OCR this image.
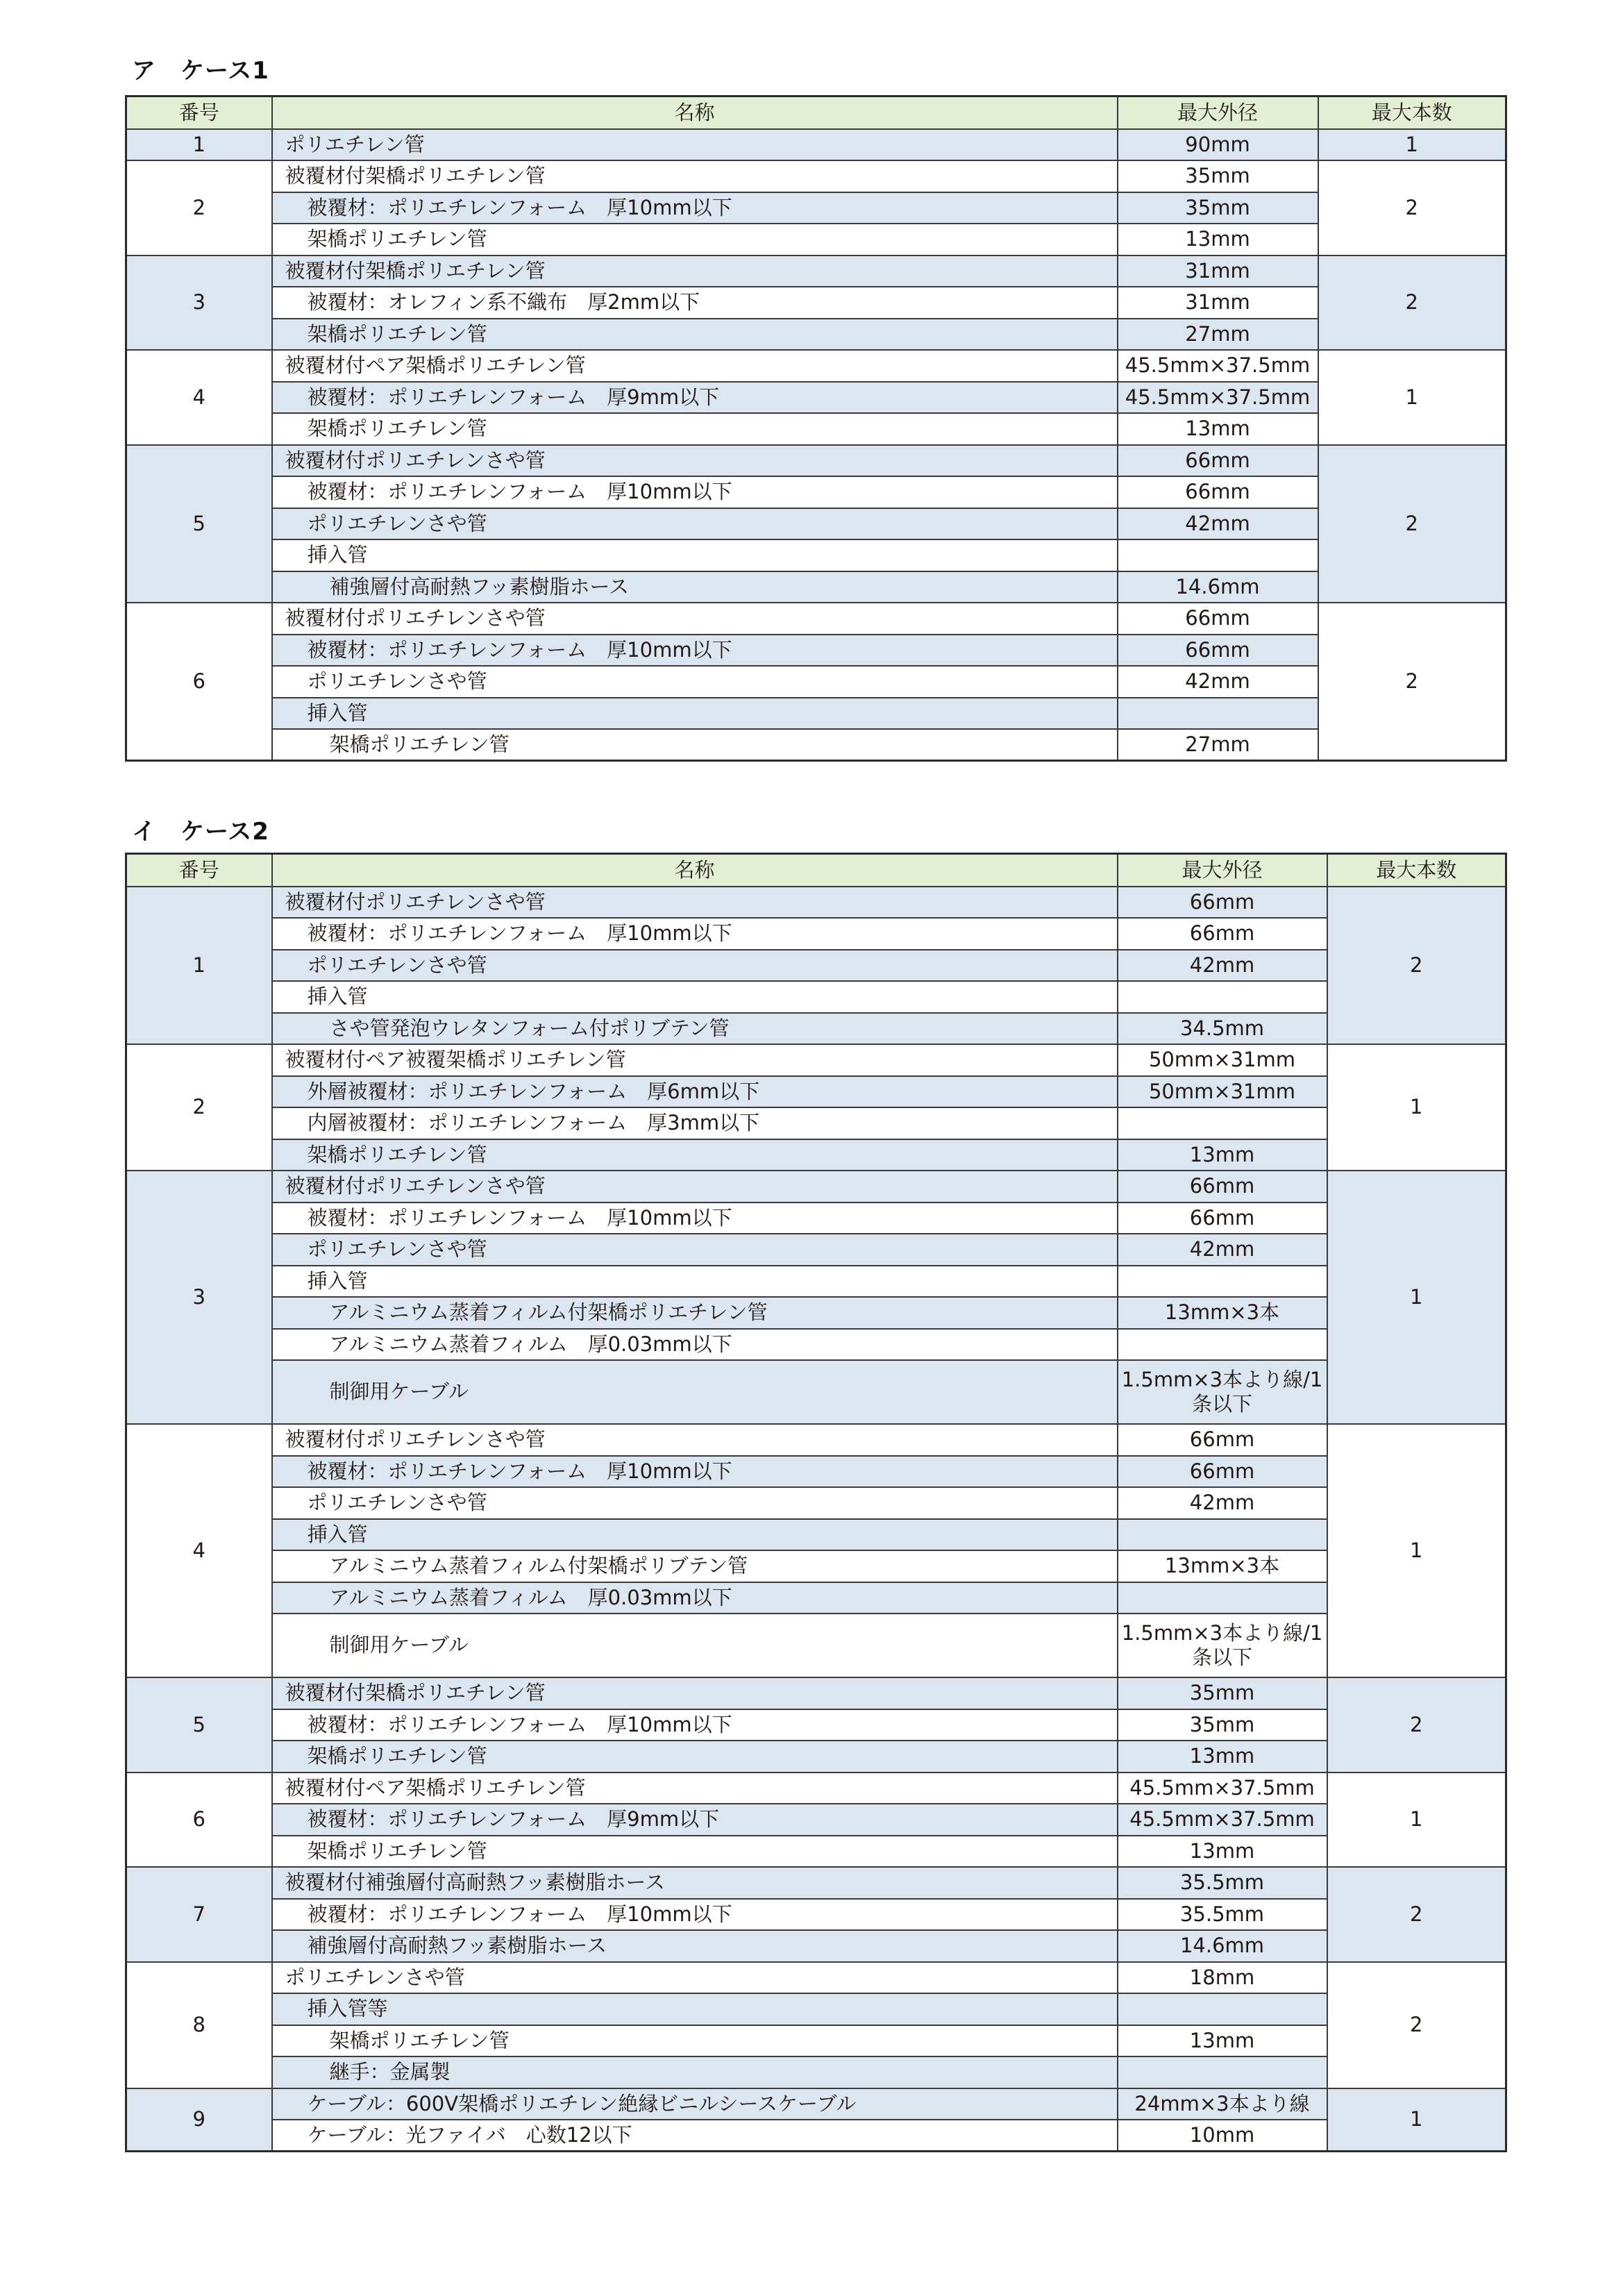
ア　ケース1
番号	名称	最大外径	最大本数
1	ポリエチレン管	90mm	1
2	被覆材付架橋ポリエチレン管	35mm	2
	被覆材：ポリエチレンフォーム　厚10mm以下	35mm	
	架橋ポリエチレン管	13mm	
3	被覆材付架橋ポリエチレン管	31mm	2
	被覆材：オレフィン系不織布　厚2mm以下	31mm	
	架橋ポリエチレン管	27mm	
4	被覆材付ペア架橋ポリエチレン管	45.5mm×37.5mm	1
	被覆材：ポリエチレンフォーム　厚9mm以下	45.5mm×37.5mm	
	架橋ポリエチレン管	13mm	
5	被覆材付ポリエチレンさや管	66mm	2
	被覆材：ポリエチレンフォーム　厚10mm以下	66mm	
	ポリエチレンさや管	42mm	
	挿入管		
	補強層付高耐熱フッ素樹脂ホース	14.6mm	
6	被覆材付ポリエチレンさや管	66mm	2
	被覆材：ポリエチレンフォーム　厚10mm以下	66mm	
	ポリエチレンさや管	42mm	
	挿入管		
	架橋ポリエチレン管	27mm	
イ　ケース2
番号	名称	最大外径	最大本数
1	被覆材付ポリエチレンさや管	66mm	2
	被覆材：ポリエチレンフォーム　厚10mm以下	66mm	
	ポリエチレンさや管	42mm	
	挿入管		
	さや管発泡ウレタンフォーム付ポリブテン管	34.5mm	
2	被覆材付ペア被覆架橋ポリエチレン管	50mm×31mm	1
	外層被覆材：ポリエチレンフォーム　厚6mm以下	50mm×31mm	
	内層被覆材：ポリエチレンフォーム　厚3mm以下		
	架橋ポリエチレン管	13mm	
3	被覆材付ポリエチレンさや管	66mm	1
	被覆材：ポリエチレンフォーム　厚10mm以下	66mm	
	ポリエチレンさや管	42mm	
	挿入管		
	アルミニウム蒸着フィルム付架橋ポリエチレン管	13mm×3本	
	アルミニウム蒸着フィルム　厚0.03mm以下		
	制御用ケーブル	1.5mm×3本より線/1条以下	
4	被覆材付ポリエチレンさや管	66mm	1
	被覆材：ポリエチレンフォーム　厚10mm以下	66mm	
	ポリエチレンさや管	42mm	
	挿入管		
	アルミニウム蒸着フィルム付架橋ポリブテン管	13mm×3本	
	アルミニウム蒸着フィルム　厚0.03mm以下		
	制御用ケーブル	1.5mm×3本より線/1条以下	
5	被覆材付架橋ポリエチレン管	35mm	2
	被覆材：ポリエチレンフォーム　厚10mm以下	35mm	
	架橋ポリエチレン管	13mm	
6	被覆材付ペア架橋ポリエチレン管	45.5mm×37.5mm	1
	被覆材：ポリエチレンフォーム　厚9mm以下	45.5mm×37.5mm	
	架橋ポリエチレン管	13mm	
7	被覆材付補強層付高耐熱フッ素樹脂ホース	35.5mm	2
	被覆材：ポリエチレンフォーム　厚10mm以下	35.5mm	
	補強層付高耐熱フッ素樹脂ホース	14.6mm	
8	ポリエチレンさや管	18mm	2
	挿入管等		
	架橋ポリエチレン管	13mm	
	継手：金属製		
9	ケーブル：600V架橋ポリエチレン絶縁ビニルシースケーブル	24mm×3本より線	1
	ケーブル：光ファイバ　心数12以下	10mm	
